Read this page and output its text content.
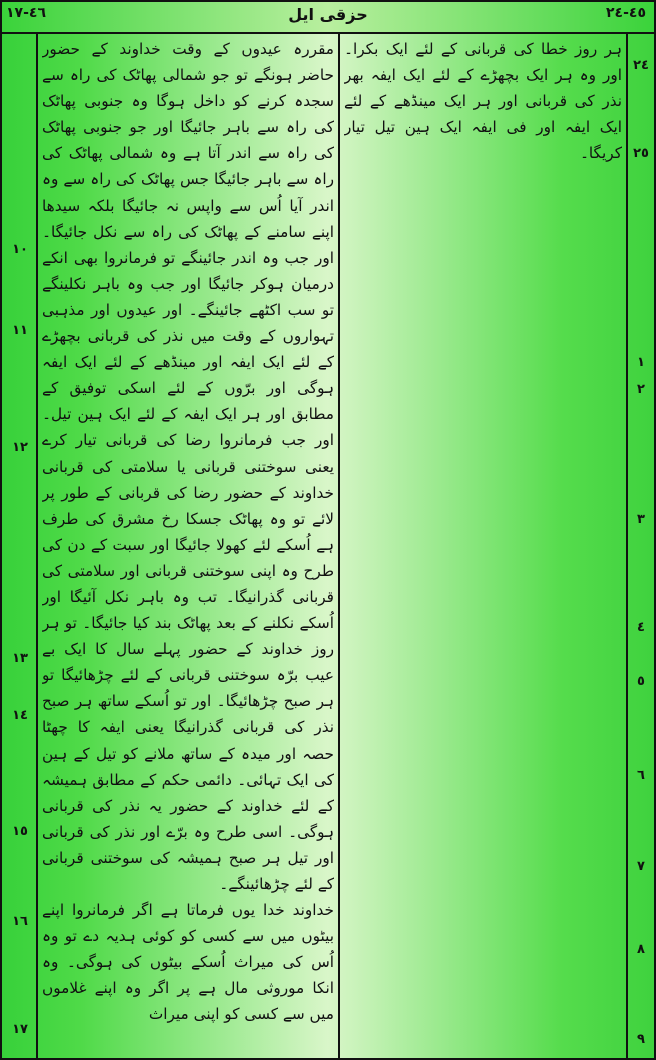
٤٦-١٧	حزقی ایل	٤٥-٢٤

ہر روز خطا کی قربانی کے لئے ایک بکرا۔ اور وہ ہر ایک بچھڑے کے لئے ایک ایفہ بھر نذر کی قربانی اور ہر ایک مینڈھے کے لئے ایک ایفہ اور فی ایفہ ایک ہین تیل تیار کریگا۔

مقررہ عیدوں کے وقت خداوند کے حضور حاضر ہونگے تو جو شمالی پھاٹک کی راہ سے سجدہ کرنے کو داخل ہوگا وہ جنوبی پھاٹک کی راہ سے باہر جائیگا اور جو جنوبی پھاٹک کی راہ سے اندر آتا ہے وہ شمالی پھاٹک کی راہ سے باہر جائیگا جس پھاٹک کی راہ سے وہ اندر آیا اُس سے واپس نہ جائیگا بلکہ سیدھا اپنے سامنے کے پھاٹک کی راہ سے نکل جائیگا۔ اور جب وہ اندر جائینگے تو فرمانروا بھی انکے درمیان ہوکر جائیگا اور جب وہ باہر نکلینگے تو سب اکٹھے جائینگے۔ اور عیدوں اور مذہبی تہواروں کے وقت میں نذر کی قربانی بچھڑے کے لئے ایک ایفہ اور مینڈھے کے لئے ایک ایفہ ہوگی اور برّوں کے لئے اسکی توفیق کے مطابق اور ہر ایک ایفہ کے لئے ایک ہین تیل۔ اور جب فرمانروا رضا کی قربانی تیار کرے یعنی سوختنی قربانی یا سلامتی کی قربانی خداوند کے حضور رضا کی قربانی کے طور پر لائے تو وہ پھاٹک جسکا رخ مشرق کی طرف ہے اُسکے لئے کھولا جائیگا اور سبت کے دن کی طرح وہ اپنی سوختنی قربانی اور سلامتی کی قربانی گذرانیگا۔ تب وہ باہر نکل آئیگا اور اُسکے نکلنے کے بعد پھاٹک بند کیا جائیگا۔ تو ہر روز خداوند کے حضور پہلے سال کا ایک بے عیب برّہ سوختنی قربانی کے لئے چڑھائیگا تو ہر صبح چڑھائیگا۔ اور تو اُسکے ساتھ ہر صبح نذر کی قربانی گذرانیگا یعنی ایفہ کا چھٹا حصہ اور میدہ کے ساتھ ملانے کو تیل کے ہین کی ایک تہائی۔ دائمی حکم کے مطابق ہمیشہ کے لئے خداوند کے حضور یہ نذر کی قربانی ہوگی۔ اسی طرح وہ برّے اور نذر کی قربانی اور تیل ہر صبح ہمیشہ کی سوختنی قربانی کے لئے چڑھائینگے۔

خداوند خدا یوں فرماتا ہے اگر فرمانروا اپنے بیٹوں میں سے کسی کو کوئی ہدیہ دے تو وہ اُس کی میراث اُسکے بیٹوں کی ہوگی۔ وہ انکا موروثی مال ہے پر اگر وہ اپنے غلاموں میں سے کسی کو اپنی میراث

٢٤
٢٥
١
٢
٣
٤
٥
٦
٧
٨
٩
١٠
١١
١٢
١٣
١٤
١٥
١٦
١٧
